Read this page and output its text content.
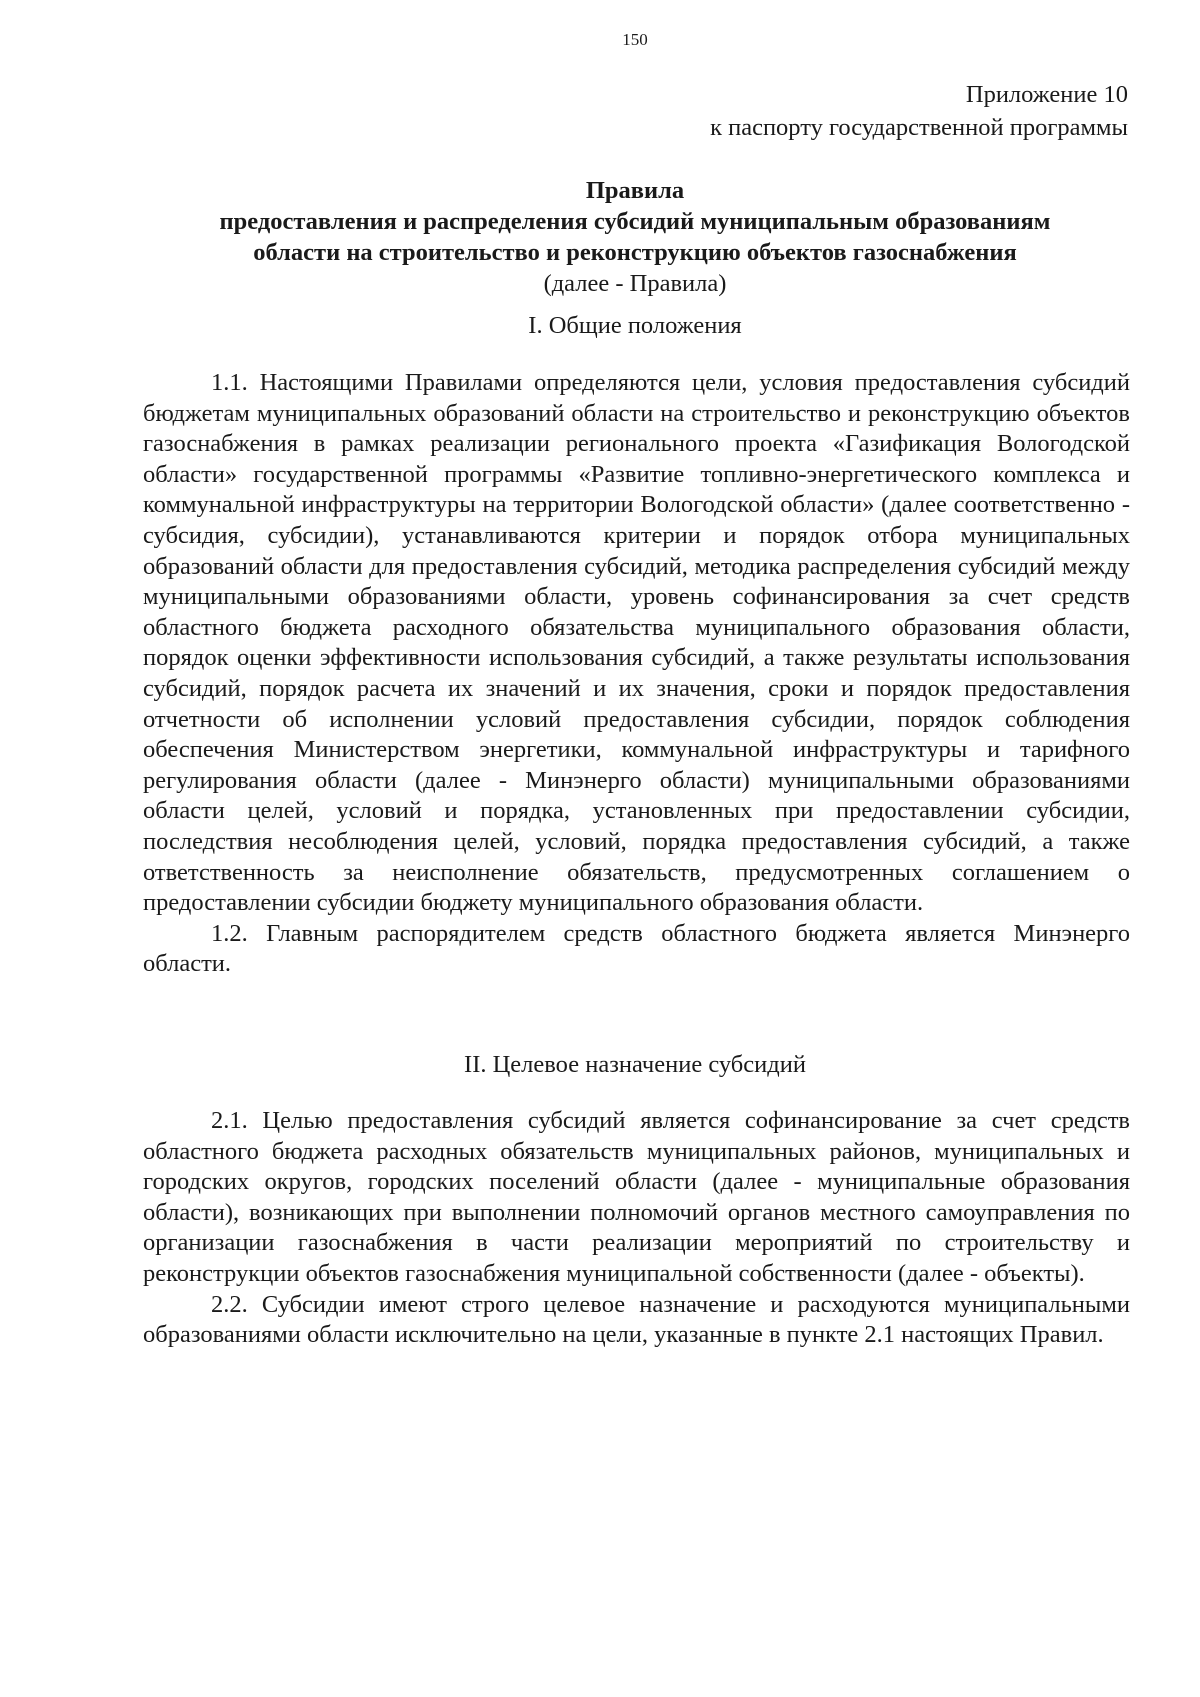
150
Приложение 10
к паспорту государственной программы
Правила
предоставления и распределения субсидий муниципальным образованиям
области на строительство и реконструкцию объектов газоснабжения
(далее - Правила)
I. Общие положения

1.1. Настоящими Правилами определяются цели, условия предоставления субсидий бюджетам муниципальных образований области на строительство и реконструкцию объектов газоснабжения в рамках реализации регионального проекта «Газификация Вологодской области» государственной программы «Развитие топливно-энергетического комплекса и коммунальной инфраструктуры на территории Вологодской области» (далее соответственно - субсидия, субсидии), устанавливаются критерии и порядок отбора муниципальных образований области для предоставления субсидий, методика распределения субсидий между муниципальными образованиями области, уровень софинансирования за счет средств областного бюджета расходного обязательства муниципального образования области, порядок оценки эффективности использования субсидий, а также результаты использования субсидий, порядок расчета их значений и их значения, сроки и порядок предоставления отчетности об исполнении условий предоставления субсидии, порядок соблюдения обеспечения Министерством энергетики, коммунальной инфраструктуры и тарифного регулирования области (далее - Минэнерго области) муниципальными образованиями области целей, условий и порядка, установленных при предоставлении субсидии, последствия несоблюдения целей, условий, порядка предоставления субсидий, а также ответственность за неисполнение обязательств, предусмотренных соглашением о предоставлении субсидии бюджету муниципального образования области.

1.2. Главным распорядителем средств областного бюджета является Минэнерго области.

II. Целевое назначение субсидий

2.1. Целью предоставления субсидий является софинансирование за счет средств областного бюджета расходных обязательств муниципальных районов, муниципальных и городских округов, городских поселений области (далее - муниципальные образования области), возникающих при выполнении полномочий органов местного самоуправления по организации газоснабжения в части реализации мероприятий по строительству и реконструкции объектов газоснабжения муниципальной собственности (далее - объекты).

2.2. Субсидии имеют строго целевое назначение и расходуются муниципальными образованиями области исключительно на цели, указанные в пункте 2.1 настоящих Правил.
